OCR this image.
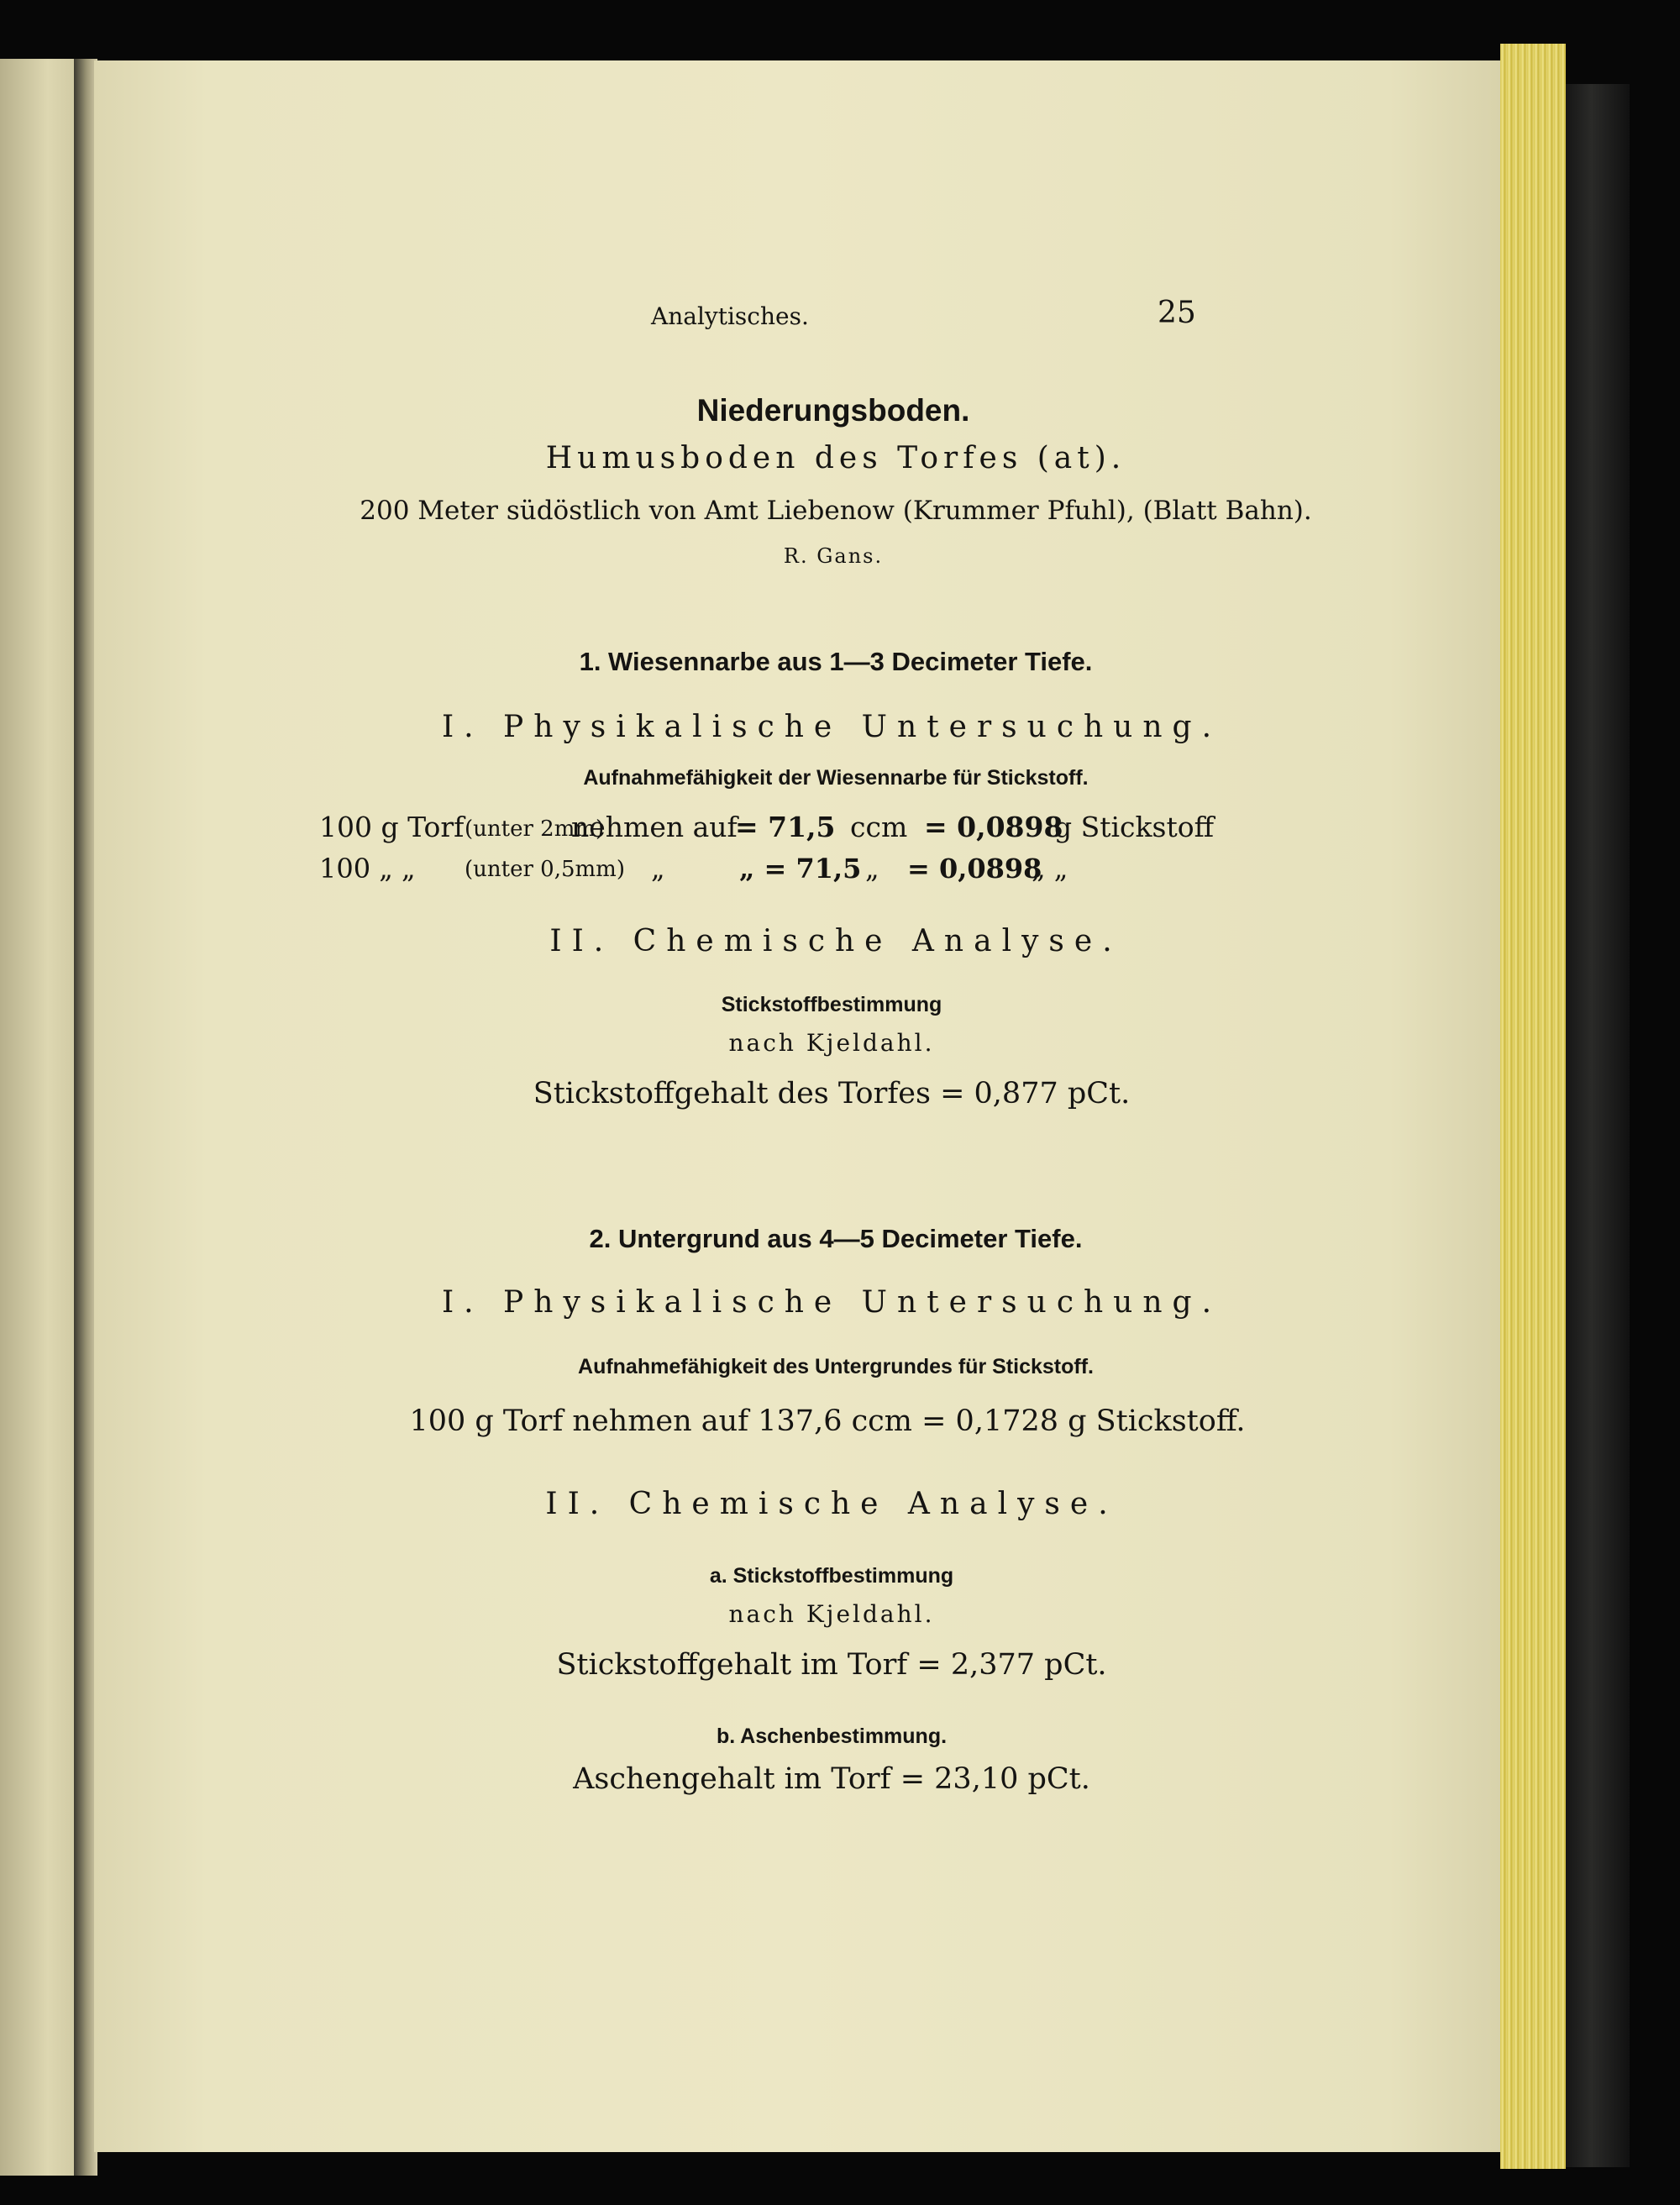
Analytisches.	25
Niederungsboden.
Humusboden des Torfes (at).
200 Meter südöstlich von Amt Liebenow (Krummer Pfuhl), (Blatt Bahn).
R. Gans.
1. Wiesennarbe aus 1—3 Decimeter Tiefe.
I. Physikalische Untersuchung.
Aufnahmefähigkeit der Wiesennarbe für Stickstoff.
100 g Torf (unter 2mm)
nehmen auf
= 71,5 ccm = 0,0898
g Stickstoff
100 „ „ (unter 0,5mm) „	„ = 71,5 „ = 0,0898
„ „
II. Chemische Analyse.
Stickstoffbestimmung
nach Kjeldahl.
Stickstoffgehalt des Torfes = 0,877 pCt.
2. Untergrund aus 4—5 Decimeter Tiefe.
I. Physikalische Untersuchung.
Aufnahmefähigkeit des Untergrundes für Stickstoff.
100 g Torf nehmen auf 137,6 ccm = 0,1728 g Stickstoff.
II. Chemische Analyse.
a. Stickstoffbestimmung
nach Kjeldahl.
Stickstoffgehalt im Torf = 2,377 pCt.
b. Aschenbestimmung.
Aschengehalt im Torf = 23,10 pCt.
